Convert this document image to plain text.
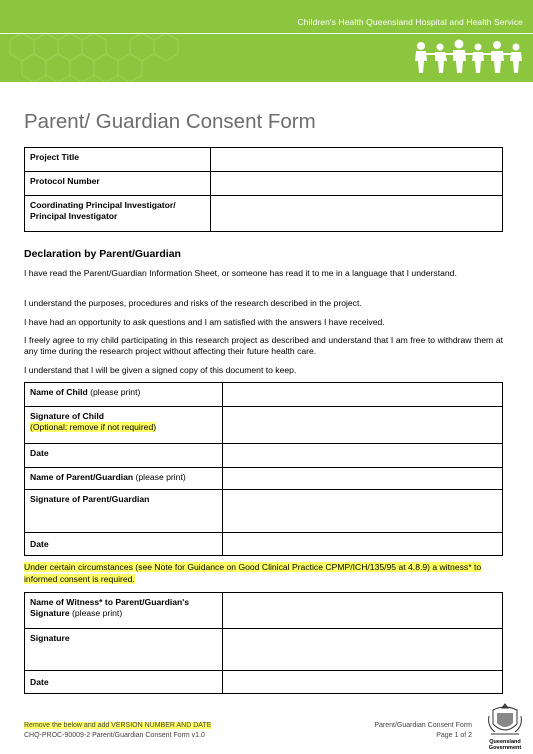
Children's Health Queensland Hospital and Health Service
Parent/ Guardian Consent Form
Project Title	
Protocol Number	
Coordinating Principal Investigator/ Principal Investigator	
Declaration by Parent/Guardian
I have read the Parent/Guardian Information Sheet, or someone has read it to me in a language that I understand.
I understand the purposes, procedures and risks of the research described in the project.
I have had an opportunity to ask questions and I am satisfied with the answers I have received.
I freely agree to my child participating in this research project as described and understand that I am free to withdraw them at any time during the research project without affecting their future health care.
I understand that I will be given a signed copy of this document to keep.
Name of Child (please print)	
Signature of Child
(Optional: remove if not required)	
Date	
Name of Parent/Guardian (please print)	
Signature of Parent/Guardian	
Date	
Under certain circumstances (see Note for Guidance on Good Clinical Practice CPMP/ICH/135/95 at 4.8.9) a witness* to informed consent is required.
Name of Witness* to Parent/Guardian's Signature (please print)	
Signature	
Date	
Remove the below and add VERSION NUMBER AND DATE
CHQ-PROC-90009-2 Parent/Guardian Consent Form v1.0
Parent/Guardian Consent Form
Page 1 of 2
Queensland
Government
